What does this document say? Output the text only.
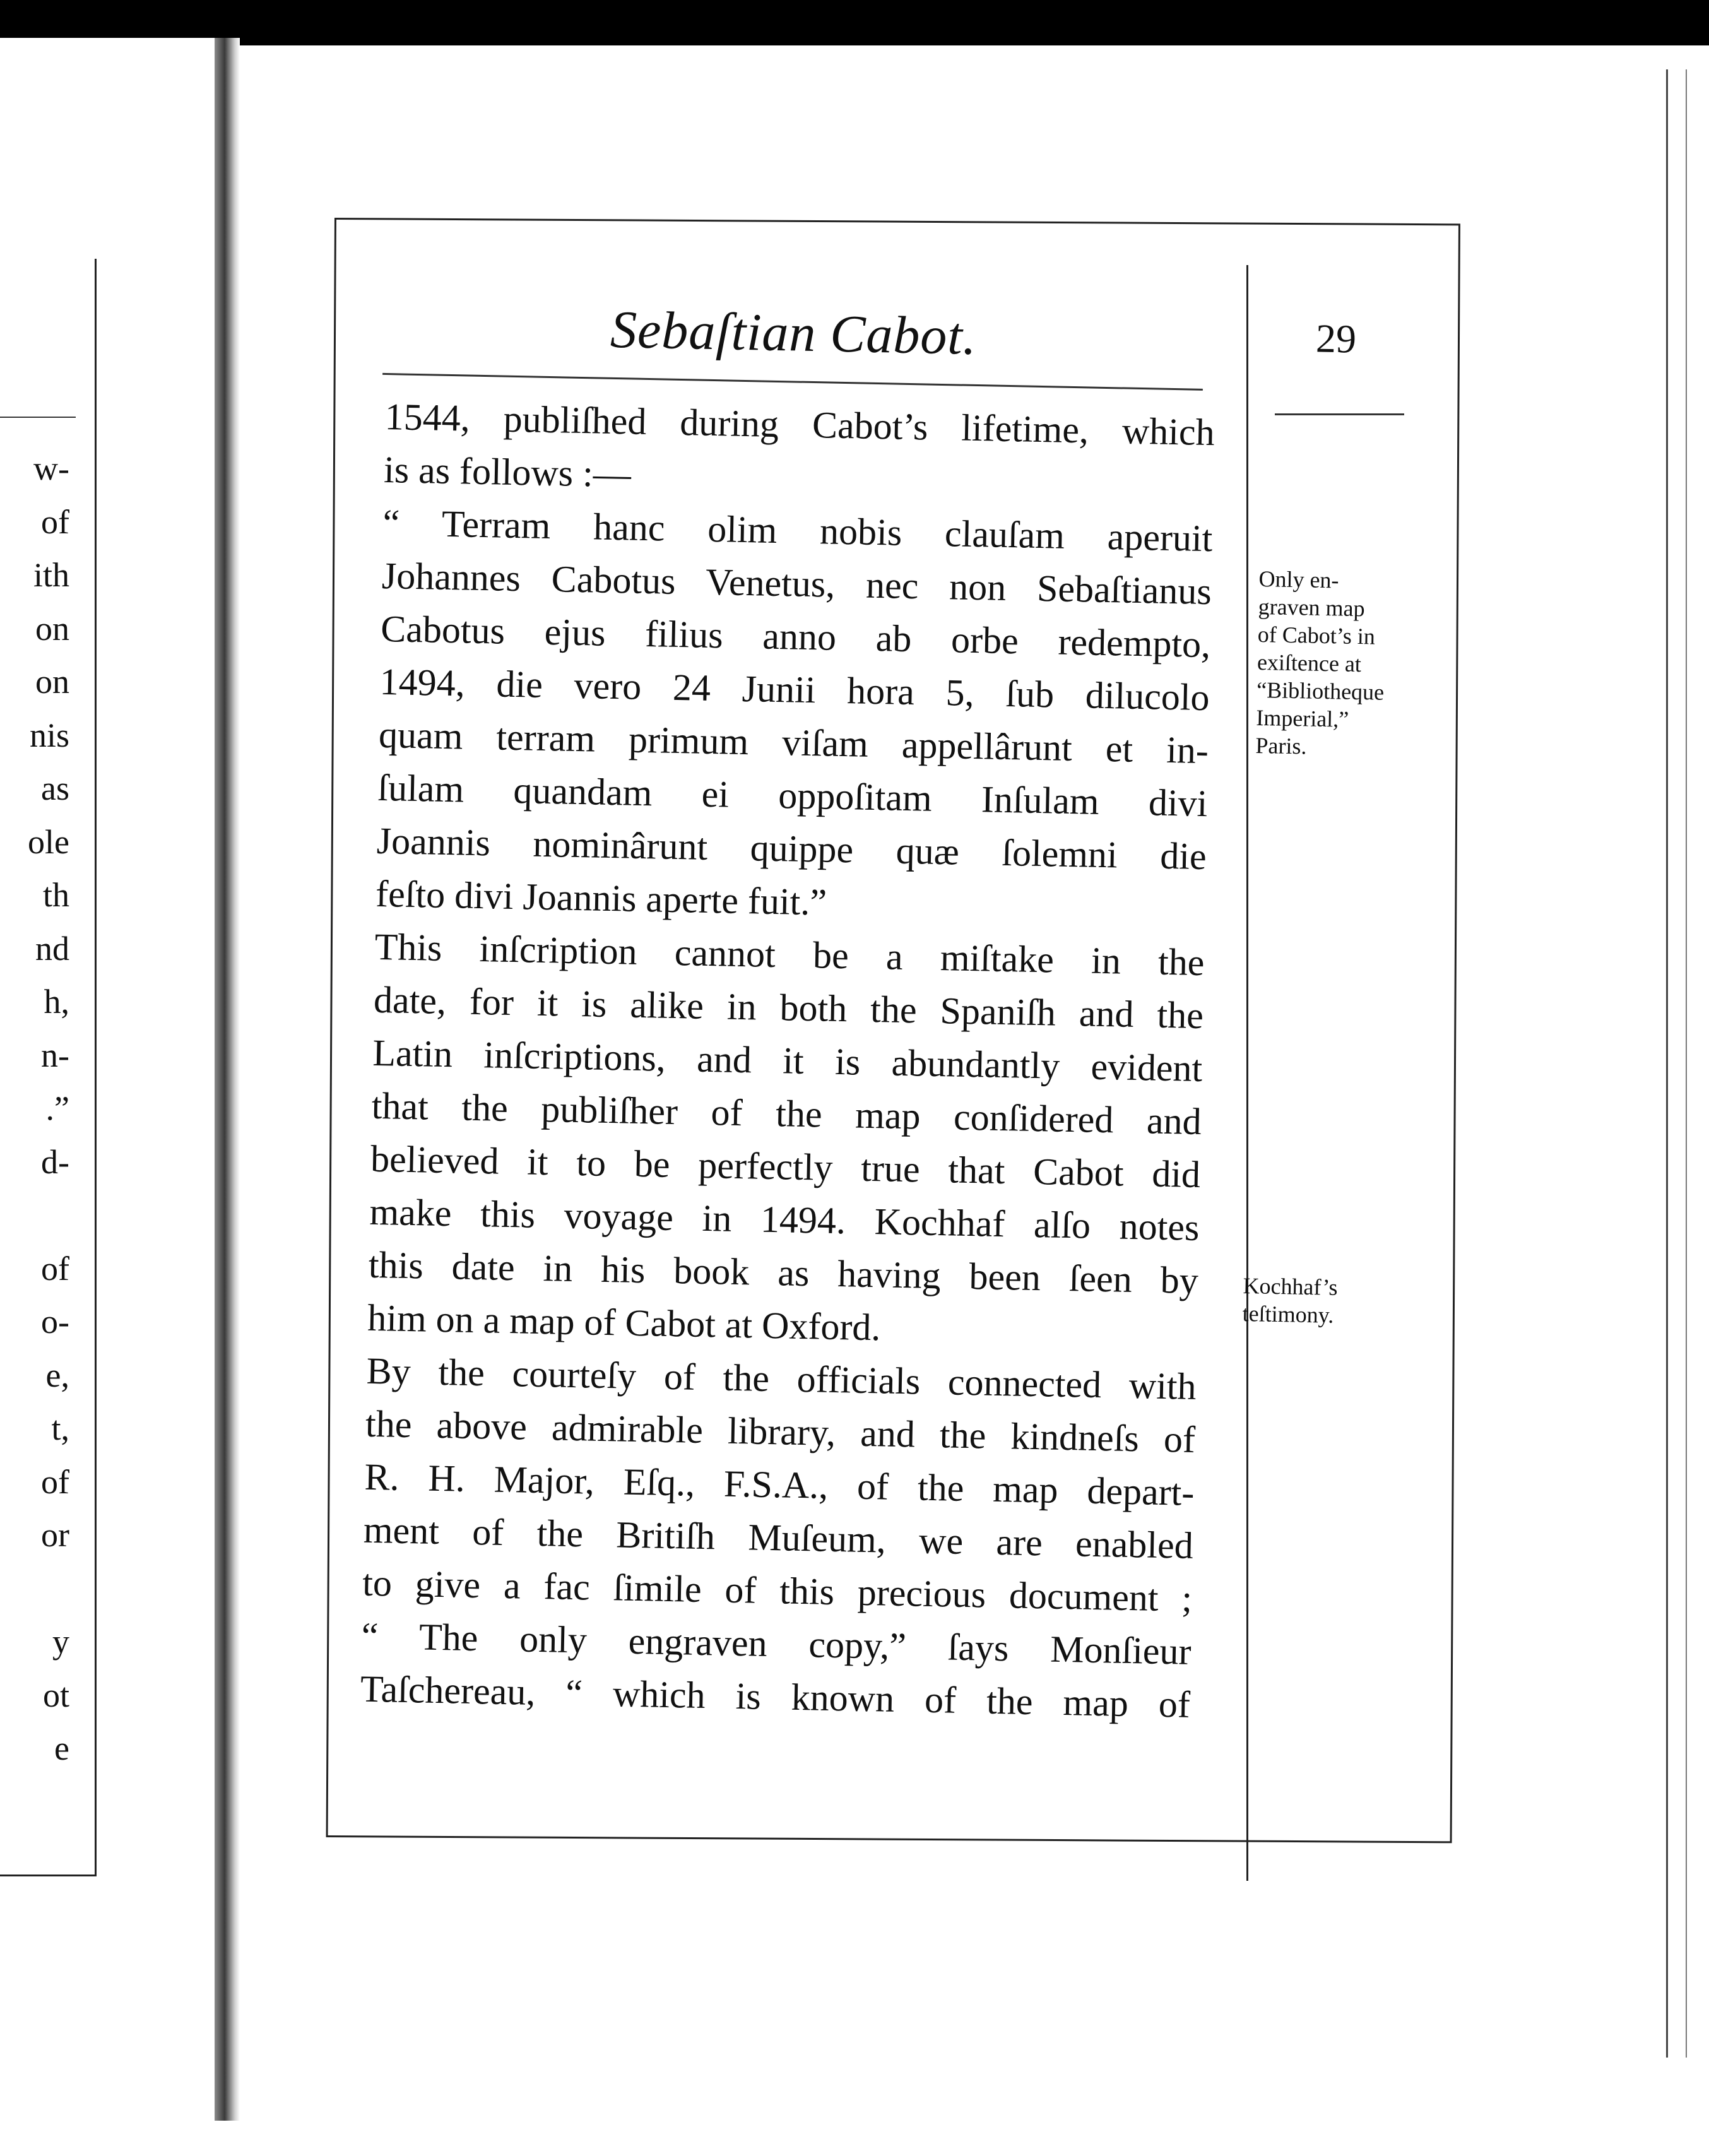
w-
of
ith
on
on
nis
as
ole
th
nd
h,
n-
.”
d-
of
o-
e,
t,
of
or
y
ot
e
Sebaſtian Cabot.
1544, publiſhed during Cabot’s lifetime, which
is as follows :—
“ Terram hanc olim nobis clauſam aperuit
Johannes Cabotus Venetus, nec non Sebaſtianus
Cabotus ejus filius anno ab orbe redempto,
1494, die vero 24 Junii hora 5, ſub dilucolo
quam terram primum viſam appellârunt et in-
ſulam quandam ei oppoſitam Inſulam divi
Joannis nominârunt quippe quæ ſolemni die
feſto divi Joannis aperte fuit.”
This inſcription cannot be a miſtake in the
date, for it is alike in both the Spaniſh and the
Latin inſcriptions, and it is abundantly evident
that the publiſher of the map conſidered and
believed it to be perfectly true that Cabot did
make this voyage in 1494. Kochhaf alſo notes
this date in his book as having been ſeen by
him on a map of Cabot at Oxford.
By the courteſy of the officials connected with
the above admirable library, and the kindneſs of
R. H. Major, Eſq., F.S.A., of the map depart-
ment of the Britiſh Muſeum, we are enabled
to give a fac ſimile of this precious document ;
“ The only engraven copy,” ſays Monſieur
Taſchereau, “ which is known of the map of
29
Only en-
graven map
of Cabot’s in
exiſtence at
“Bibliotheque
Imperial,”
Paris.
Kochhaf’s
teſtimony.
